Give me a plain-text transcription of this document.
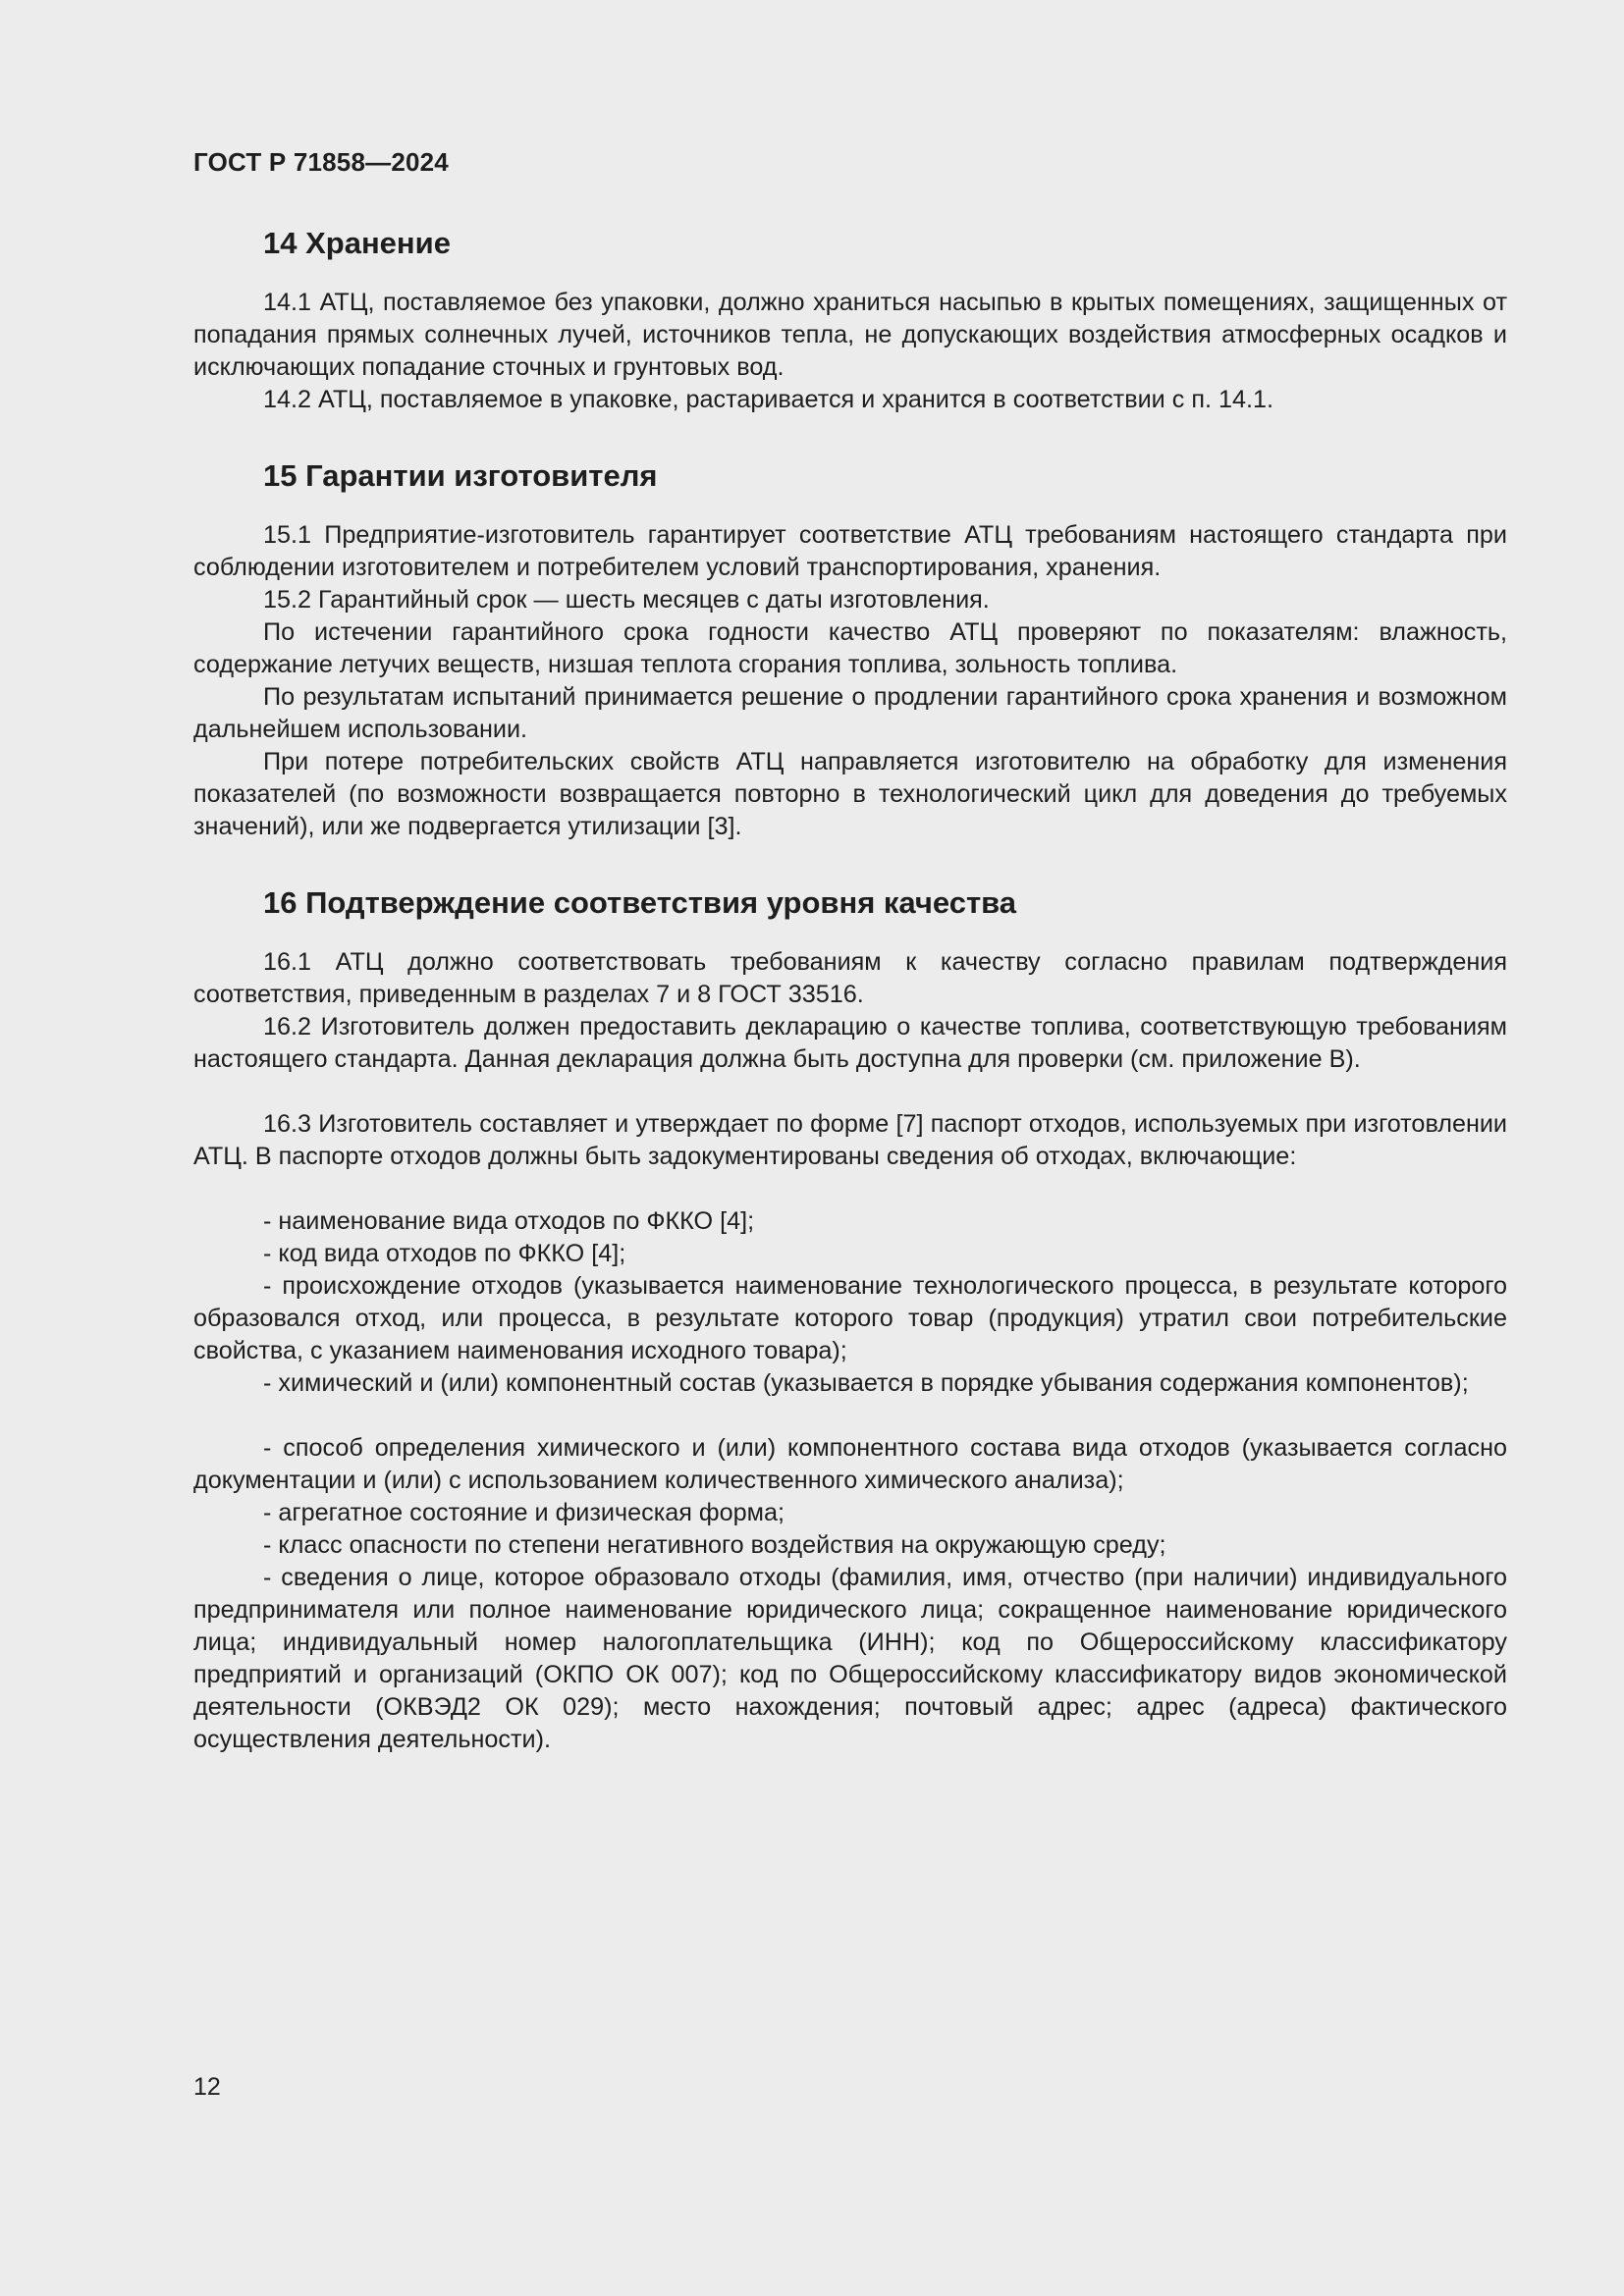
ГОСТ Р 71858—2024
14 Хранение

14.1 АТЦ, поставляемое без упаковки, должно храниться насыпью в крытых помещениях, защищенных от попадания прямых солнечных лучей, источников тепла, не допускающих воздействия атмосферных осадков и исключающих попадание сточных и грунтовых вод.

14.2 АТЦ, поставляемое в упаковке, растаривается и хранится в соответствии с п. 14.1.

15 Гарантии изготовителя

15.1 Предприятие-изготовитель гарантирует соответствие АТЦ требованиям настоящего стандарта при соблюдении изготовителем и потребителем условий транспортирования, хранения.

15.2 Гарантийный срок — шесть месяцев с даты изготовления.

По истечении гарантийного срока годности качество АТЦ проверяют по показателям: влажность, содержание летучих веществ, низшая теплота сгорания топлива, зольность топлива.

По результатам испытаний принимается решение о продлении гарантийного срока хранения и возможном дальнейшем использовании.

При потере потребительских свойств АТЦ направляется изготовителю на обработку для изменения показателей (по возможности возвращается повторно в технологический цикл для доведения до требуемых значений), или же подвергается утилизации [3].

16 Подтверждение соответствия уровня качества

16.1 АТЦ должно соответствовать требованиям к качеству согласно правилам подтверждения соответствия, приведенным в разделах 7 и 8 ГОСТ 33516.

16.2 Изготовитель должен предоставить декларацию о качестве топлива, соответствующую требованиям настоящего стандарта. Данная декларация должна быть доступна для проверки (см. приложение В).

16.3 Изготовитель составляет и утверждает по форме [7] паспорт отходов, используемых при изготовлении АТЦ. В паспорте отходов должны быть задокументированы сведения об отходах, включающие:

- наименование вида отходов по ФККО [4];

- код вида отходов по ФККО [4];

- происхождение отходов (указывается наименование технологического процесса, в результате которого образовался отход, или процесса, в результате которого товар (продукция) утратил свои потребительские свойства, с указанием наименования исходного товара);

- химический и (или) компонентный состав (указывается в порядке убывания содержания компонентов);

- способ определения химического и (или) компонентного состава вида отходов (указывается согласно документации и (или) с использованием количественного химического анализа);

- агрегатное состояние и физическая форма;

- класс опасности по степени негативного воздействия на окружающую среду;

- сведения о лице, которое образовало отходы (фамилия, имя, отчество (при наличии) индивидуального предпринимателя или полное наименование юридического лица; сокращенное наименование юридического лица; индивидуальный номер налогоплательщика (ИНН); код по Общероссийскому классификатору предприятий и организаций (ОКПО ОК 007); код по Общероссийскому классификатору видов экономической деятельности (ОКВЭД2 ОК 029); место нахождения; почтовый адрес; адрес (адреса) фактического осуществления деятельности).

12
